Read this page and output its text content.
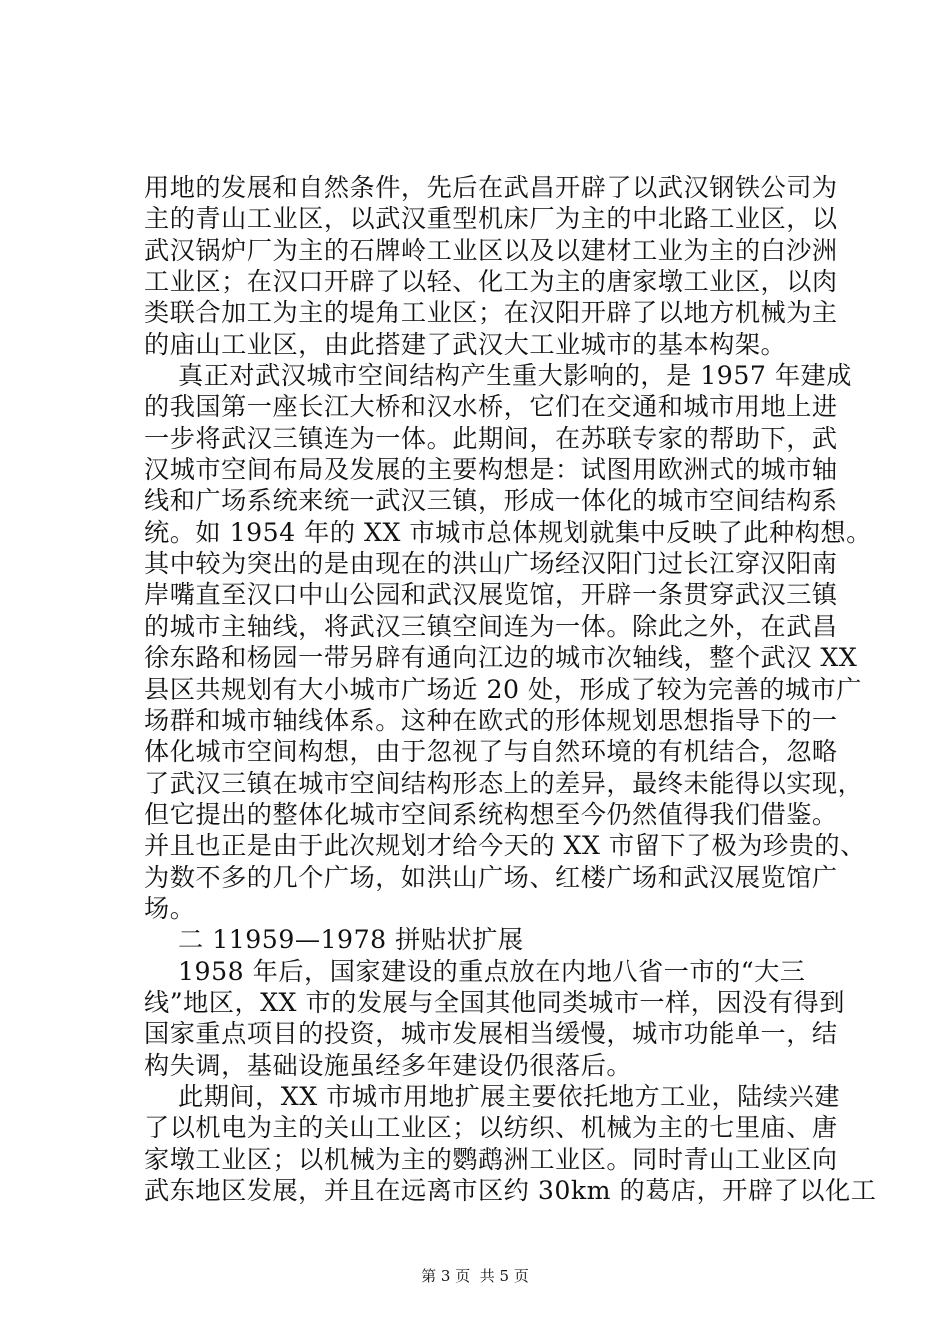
用地的发展和自然条件，先后在武昌开辟了以武汉钢铁公司为
主的青山工业区，以武汉重型机床厂为主的中北路工业区，以
武汉锅炉厂为主的石牌岭工业区以及以建材工业为主的白沙洲
工业区；在汉口开辟了以轻、化工为主的唐家墩工业区，以肉
类联合加工为主的堤角工业区；在汉阳开辟了以地方机械为主
的庙山工业区，由此搭建了武汉大工业城市的基本构架。
真正对武汉城市空间结构产生重大影响的，是 1957 年建成
的我国第一座长江大桥和汉水桥，它们在交通和城市用地上进
一步将武汉三镇连为一体。此期间，在苏联专家的帮助下，武
汉城市空间布局及发展的主要构想是：试图用欧洲式的城市轴
线和广场系统来统一武汉三镇，形成一体化的城市空间结构系
统。如 1954 年的 XX 市城市总体规划就集中反映了此种构想。
其中较为突出的是由现在的洪山广场经汉阳门过长江穿汉阳南
岸嘴直至汉口中山公园和武汉展览馆，开辟一条贯穿武汉三镇
的城市主轴线，将武汉三镇空间连为一体。除此之外，在武昌
徐东路和杨园一带另辟有通向江边的城市次轴线，整个武汉 XX
县区共规划有大小城市广场近 20 处，形成了较为完善的城市广
场群和城市轴线体系。这种在欧式的形体规划思想指导下的一
体化城市空间构想，由于忽视了与自然环境的有机结合，忽略
了武汉三镇在城市空间结构形态上的差异，最终未能得以实现，
但它提出的整体化城市空间系统构想至今仍然值得我们借鉴。
并且也正是由于此次规划才给今天的 XX 市留下了极为珍贵的、
为数不多的几个广场，如洪山广场、红楼广场和武汉展览馆广
场。
二 11959—1978 拼贴状扩展
1958 年后，国家建设的重点放在内地八省一市的“大三
线”地区，XX 市的发展与全国其他同类城市一样，因没有得到
国家重点项目的投资，城市发展相当缓慢，城市功能单一，结
构失调，基础设施虽经多年建设仍很落后。
此期间，XX 市城市用地扩展主要依托地方工业，陆续兴建
了以机电为主的关山工业区；以纺织、机械为主的七里庙、唐
家墩工业区；以机械为主的鹦鹉洲工业区。同时青山工业区向
武东地区发展，并且在远离市区约 30km 的葛店，开辟了以化工
第 3 页  共 5 页
